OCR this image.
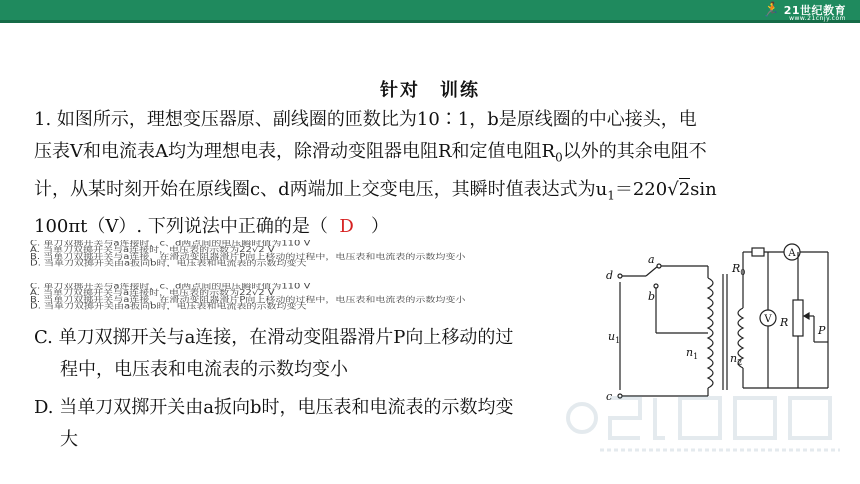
🏃 21世纪教育
www.21cnjy.com
针对　训练
1. 如图所示，理想变压器原、副线圈的匝数比为10∶1，b是原线圈的中心接头，电
压表V和电流表A均为理想电表，除滑动变阻器电阻R和定值电阻$R_0$以外的其余电阻不
计，从某时刻开始在原线圈c、d两端加上交变电压，其瞬时值表达式为$u_1=220√2\sin$
100πt（V）. 下列说法中正确的是（ D ）
C. 单刀双掷开关与a连接时，c、d两点间的电压瞬时值为110 V
A. 当单刀双掷开关与a连接时，电压表的示数为22√2 V
B. 当单刀双掷开关与a连接，在滑动变阻器滑片P向上移动的过程中，电压表和电流表的示数均变小
D. 当单刀双掷开关由a扳向b时，电压表和电流表的示数均变大
C. 单刀双掷开关与a连接时，c、d两点间的电压瞬时值为110 V
A. 当单刀双掷开关与a连接时，电压表的示数为22√2 V
B. 当单刀双掷开关与a连接，在滑动变阻器滑片P向上移动的过程中，电压表和电流表的示数均变小
D. 当单刀双掷开关由a扳向b时，电压表和电流表的示数均变大
C. 单刀双掷开关与a连接，在滑动变阻器滑片P向上移动的过
程中，电压表和电流表的示数均变小
D. 当单刀双掷开关由a扳向b时，电压表和电流表的示数均变
大
d
c
a
b
$u_1$
$n_1$	$n_2$
$R_0$
R
P
A
V
